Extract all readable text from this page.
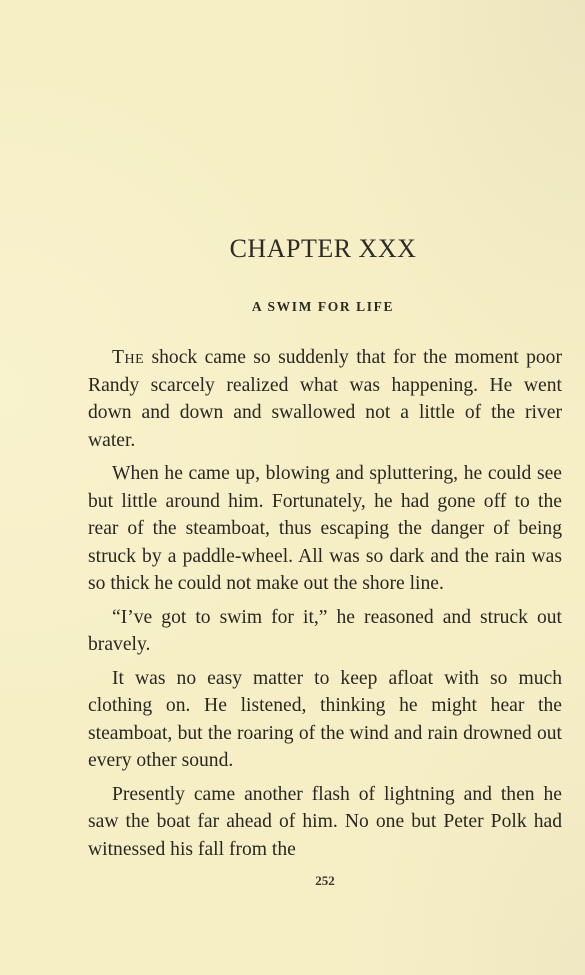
CHAPTER XXX
A SWIM FOR LIFE

The shock came so suddenly that for the moment poor Randy scarcely realized what was happening. He went down and down and swallowed not a little of the river water.

When he came up, blowing and spluttering, he could see but little around him. Fortunately, he had gone off to the rear of the steamboat, thus escaping the danger of being struck by a paddle-wheel. All was so dark and the rain was so thick he could not make out the shore line.

“I’ve got to swim for it,” he reasoned and struck out bravely.

It was no easy matter to keep afloat with so much clothing on. He listened, thinking he might hear the steamboat, but the roaring of the wind and rain drowned out every other sound.

Presently came another flash of lightning and then he saw the boat far ahead of him. No one but Peter Polk had witnessed his fall from the

252
